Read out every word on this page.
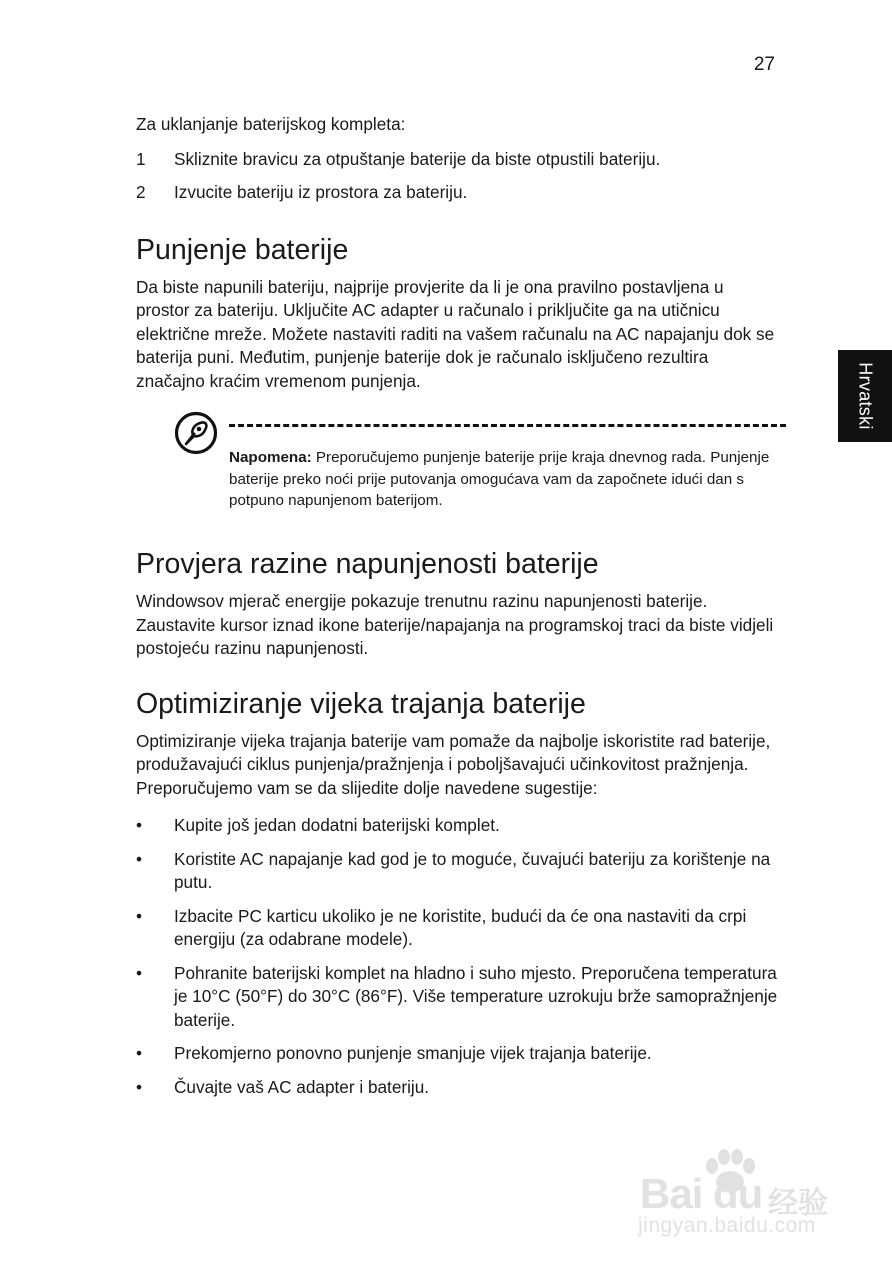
27
Hrvatski

Za uklanjanje baterijskog kompleta:

1 Skliznite bravicu za otpuštanje baterije da biste otpustili bateriju.
2 Izvucite bateriju iz prostora za bateriju.
Punjenje baterije

Da biste napunili bateriju, najprije provjerite da li je ona pravilno postavljena u prostor za bateriju. Uključite AC adapter u računalo i priključite ga na utičnicu električne mreže. Možete nastaviti raditi na vašem računalu na AC napajanju dok se baterija puni. Međutim, punjenje baterije dok je računalo isključeno rezultira značajno kraćim vremenom punjenja.

Napomena: Preporučujemo punjenje baterije prije kraja dnevnog rada. Punjenje baterije preko noći prije putovanja omogućava vam da započnete idući dan s potpuno napunjenom baterijom.
Provjera razine napunjenosti baterije

Windowsov mjerač energije pokazuje trenutnu razinu napunjenosti baterije. Zaustavite kursor iznad ikone baterije/napajanja na programskoj traci da biste vidjeli postojeću razinu napunjenosti.

Optimiziranje vijeka trajanja baterije

Optimiziranje vijeka trajanja baterije vam pomaže da najbolje iskoristite rad baterije, produžavajući ciklus punjenja/pražnjenja i poboljšavajući učinkovitost pražnjenja. Preporučujemo vam se da slijedite dolje navedene sugestije:

• Kupite još jedan dodatni baterijski komplet.
• Koristite AC napajanje kad god je to moguće, čuvajući bateriju za korištenje na putu.
• Izbacite PC karticu ukoliko je ne koristite, budući da će ona nastaviti da crpi energiju (za odabrane modele).
• Pohranite baterijski komplet na hladno i suho mjesto. Preporučena temperatura je 10°C (50°F) do 30°C (86°F). Više temperature uzrokuju brže samopražnjenje baterije.
• Prekomjerno ponovno punjenje smanjuje vijek trajanja baterije.
• Čuvajte vaš AC adapter i bateriju.
Bai du 经验
jingyan.baidu.com
